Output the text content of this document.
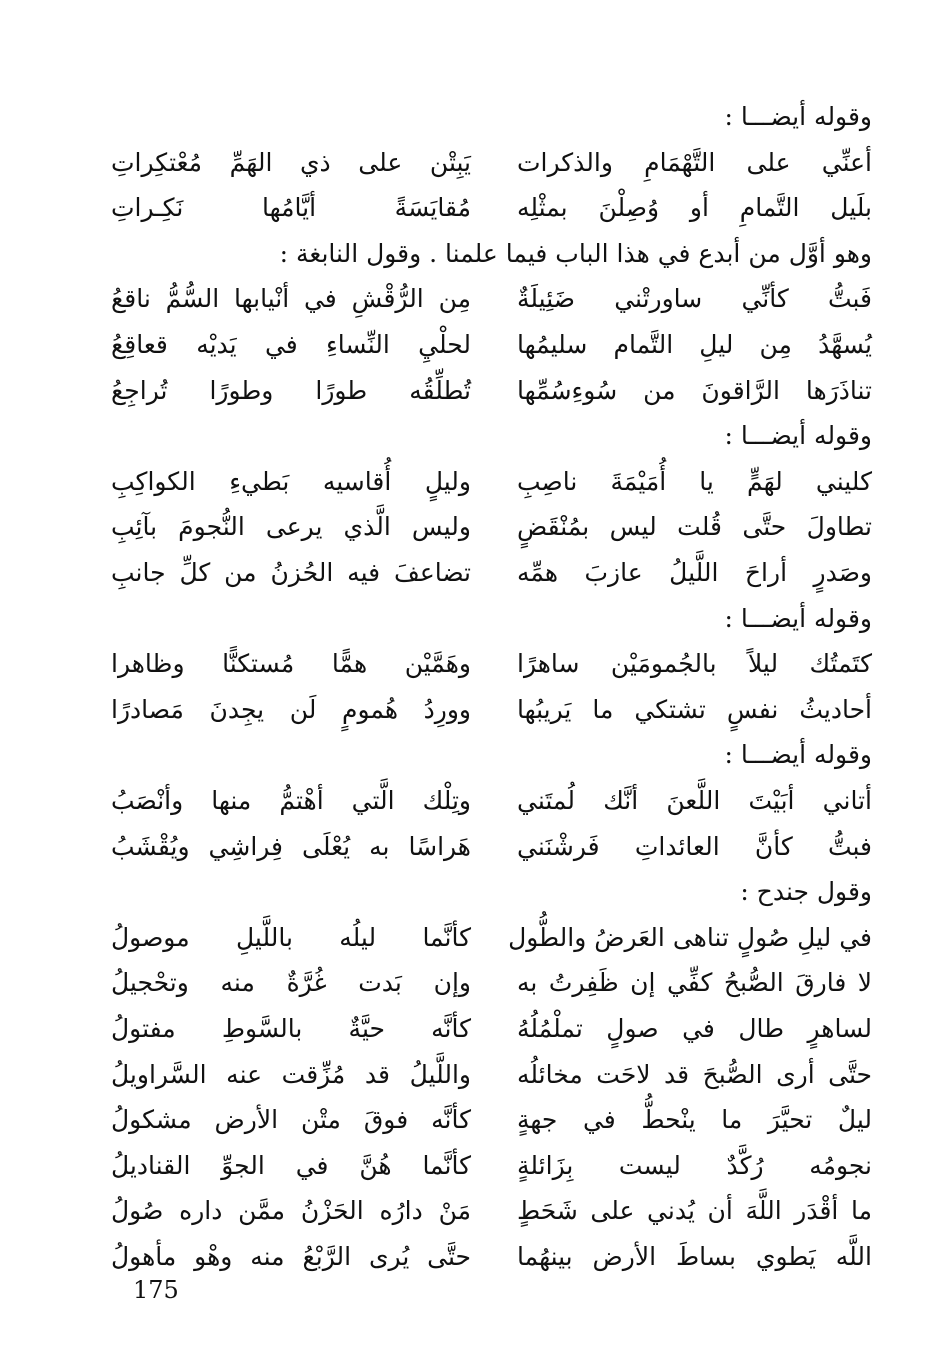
وقوله أيضـــا :
أعنِّي على التَّهْمَامِ والذكرات
يَبِتْن على ذي الهَمِّ مُعْتكِراتِ
بلَيل التَّمامِ أو وُصِلْنَ بمثْلِه
مُقايَسَةً أيَّامُها نَكِـراتِ
وهو أوَّل من أبدع في هذا الباب فيما علمنا . وقول النابغة :
فَبتُّ كأنِّي ساورتْني ضَئِيلَةٌ
مِن الرُّقْشِ في أنْيابها السُّمُّ ناقعُ
يُسهَّدُ مِن ليلِ التَّمام سليمُها
لحلْيِ النِّساءِ في يَديْه قعاقِعُ
تناذَرَها الرَّاقونَ من سُوءِسُمِّها
تُطلِّقُه طورًا وطورًا تُراجِعُ
وقوله أيضـــا :
كليني لهَمٍّ يا أُمَيْمَةَ ناصِبِ
وليلٍ أُقاسيه بَطيءِ الكواكِبِ
تطاولَ حتَّى قُلت ليس بمُنْقَضٍ
وليس الَّذي يرعى النُّجومَ بآئِبِ
وصَدرٍ أراحَ اللَّيلُ عازبَ همِّه
تضاعفَ فيه الحُزنُ من كلِّ جانبِ
وقوله أيضـــا :
كتَمتُك ليلاً بالجُمومَيْن ساهرًا
وهَمَّيْن همًّا مُستكنًّا وظاهرا
أحاديثُ نفسٍ تشتكي ما يَريبُها
وورِدُ هُمومٍ لَن يجِدنَ مَصادرًا
وقوله أيضـــا :
أتاني أبَيْتَ اللَّعنَ أنَّك لُمتَني
وتِلْك الَّتي أهْتمُّ منها وأنْصَبُ
فبتُّ كأنَّ العائداتِ فَرشْنَني
هَراسًا به يُعْلَى فِراشِي ويُقْشَبُ
وقول جندح :
في ليلِ صُولٍ تناهى العَرضُ والطُّول
كأنَّما ليلُه باللَّيلِ موصولُ
لا فارقَ الصُّبحُ كفِّي إن ظَفِرتُ به
وإن بَدت غُرَّةٌ منه وتحْجيلُ
لساهرٍ طال في صولٍ تملْمُلُهُ
كأنَّه حيَّةٌ بالسَّوطِ مفتولُ
حتَّى أرى الصُّبحَ قد لاحَت مخائلُه
واللَّيلُ قد مُزِّقت عنه السَّراويلُ
ليلٌ تحيَّرَ ما ينْحطُّ في جهةٍ
كأنَّه فوقَ متْن الأرض مشكولُ
نجومُه رُكَّدٌ ليست بِزَائلةٍ
كأنَّما هُنَّ في الجوِّ القناديلُ
ما أقْدَر اللَّهَ أن يُدني على شَحَطٍ
مَنْ دارُه الحَزْنُ ممَّن داره صُولُ
اللَّه يَطوي بساطَ الأرض بينهُما
حتَّى يُرى الرَّبْعُ منه وهْو مأهولُ
175
